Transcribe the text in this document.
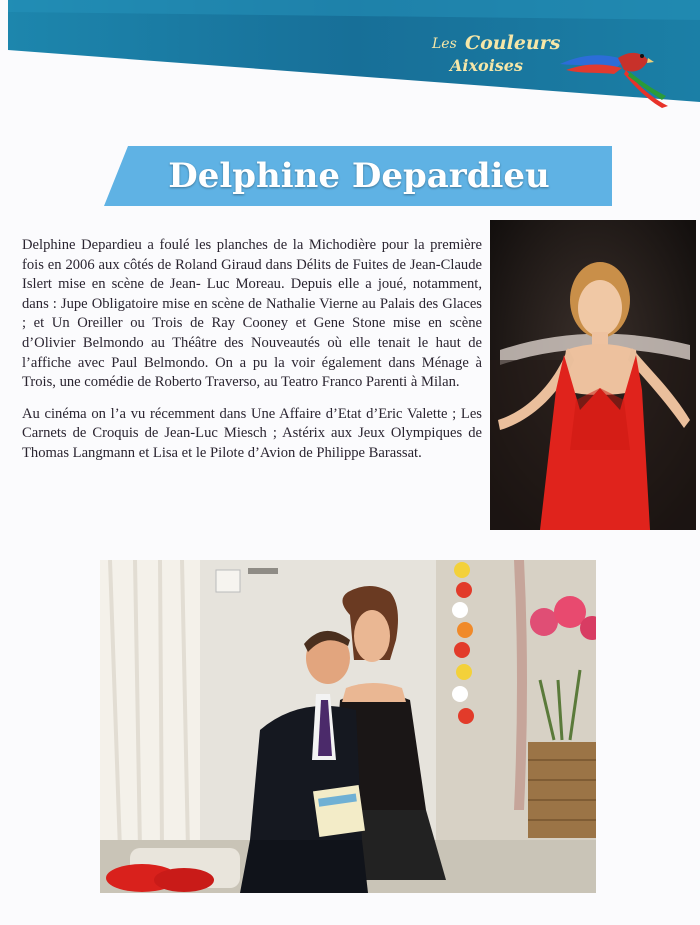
Les Couleurs
Aixoises
Delphine Depardieu

Delphine Depardieu a foulé les planches de la Michodière pour la première fois en 2006 aux côtés de Roland Giraud dans Délits de Fuites de Jean-Claude Islert mise en scène de Jean- Luc Moreau. Depuis elle a joué, notamment, dans : Jupe Obligatoire mise en scène de Nathalie Vierne au Palais des Glaces ; et Un Oreiller ou Trois de Ray Cooney et Gene Stone mise en scène d’Olivier Belmondo au Théâtre des Nouveautés où elle tenait le haut de l’affiche avec Paul Belmondo. On a pu la voir également dans Ménage à Trois, une comédie de Roberto Traverso, au Teatro Franco Parenti à Milan.

Au cinéma on l’a vu récemment dans Une Affaire d’Etat d’Eric Valette ; Les Carnets de Croquis de Jean-Luc Miesch ; Astérix aux Jeux Olympiques de Thomas Langmann et Lisa et le Pilote d’Avion de Philippe Barassat.
